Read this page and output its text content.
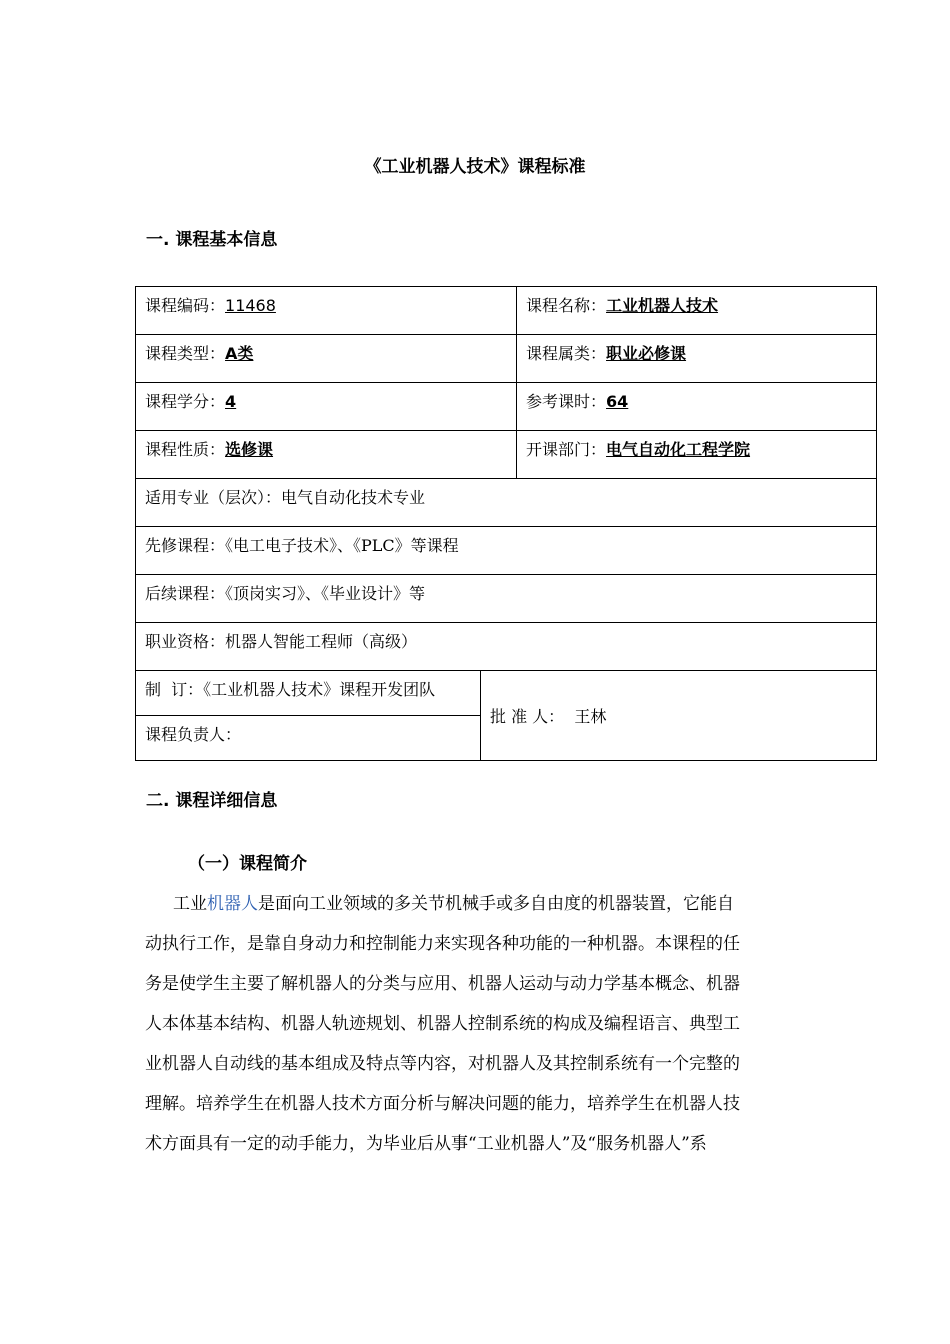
《工业机器人技术》课程标准
一. 课程基本信息
课程编码：11468		课程名称：工业机器人技术
课程类型：A类		课程属类：职业必修课
课程学分：4		参考课时：64
课程性质：选修课		开课部门：电气自动化工程学院
适用专业（层次）：电气自动化技术专业		
先修课程：《电工电子技术》、《PLC》等课程		
后续课程：《顶岗实习》、《毕业设计》等		
职业资格：机器人智能工程师（高级）		
制  订：《工业机器人技术》课程开发团队	批 准 人：  王林	
课程负责人：		
二. 课程详细信息
（一）课程简介
工业机器人是面向工业领域的多关节机械手或多自由度的机器装置，它能自
动执行工作，是靠自身动力和控制能力来实现各种功能的一种机器。本课程的任
务是使学生主要了解机器人的分类与应用、机器人运动与动力学基本概念、机器
人本体基本结构、机器人轨迹规划、机器人控制系统的构成及编程语言、典型工
业机器人自动线的基本组成及特点等内容，对机器人及其控制系统有一个完整的
理解。培养学生在机器人技术方面分析与解决问题的能力，培养学生在机器人技
术方面具有一定的动手能力，为毕业后从事“工业机器人”及“服务机器人”系
